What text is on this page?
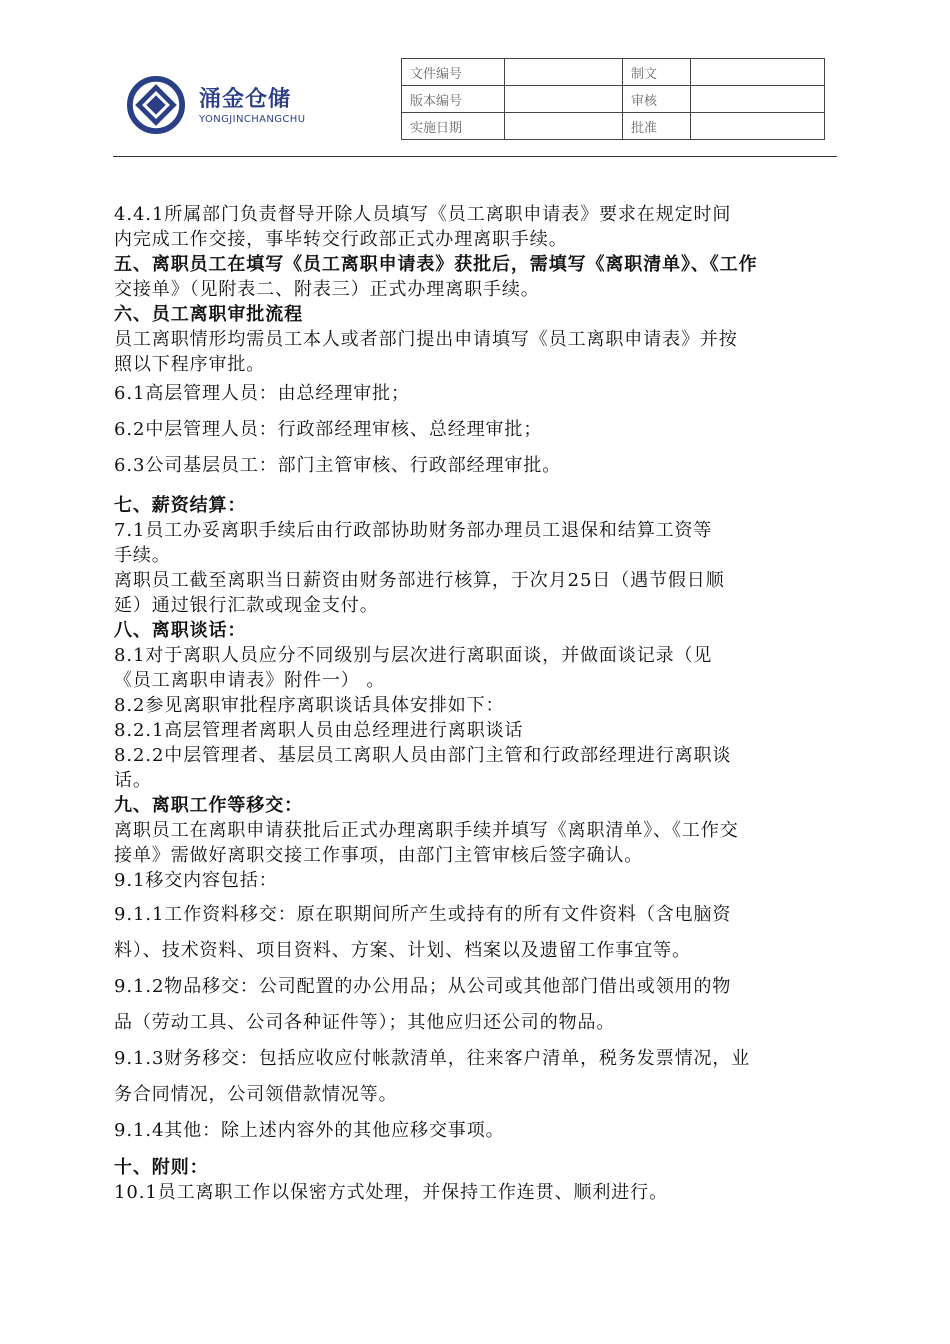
涌金仓储
YONGJINCHANGCHU
文件编号		制文	
版本编号		审核	
实施日期		批准	
4.4.1所属部门负责督导开除人员填写《员工离职申请表》要求在规定时间
内完成工作交接，事毕转交行政部正式办理离职手续。
五、离职员工在填写《员工离职申请表》获批后，需填写《离职清单》、《工作
交接单》（见附表二、附表三）正式办理离职手续。
六、员工离职审批流程
员工离职情形均需员工本人或者部门提出申请填写《员工离职申请表》并按
照以下程序审批。
6.1高层管理人员：由总经理审批；
6.2中层管理人员：行政部经理审核、总经理审批；
6.3公司基层员工：部门主管审核、行政部经理审批。
七、薪资结算：
7.1员工办妥离职手续后由行政部协助财务部办理员工退保和结算工资等
手续。
离职员工截至离职当日薪资由财务部进行核算，于次月25日（遇节假日顺
延）通过银行汇款或现金支付。
八、离职谈话：
8.1对于离职人员应分不同级别与层次进行离职面谈，并做面谈记录（见
《员工离职申请表》附件一） 。
8.2参见离职审批程序离职谈话具体安排如下：
8.2.1高层管理者离职人员由总经理进行离职谈话
8.2.2中层管理者、基层员工离职人员由部门主管和行政部经理进行离职谈
话。
九、离职工作等移交：
离职员工在离职申请获批后正式办理离职手续并填写《离职清单》、《工作交
接单》需做好离职交接工作事项，由部门主管审核后签字确认。
9.1移交内容包括：
9.1.1工作资料移交：原在职期间所产生或持有的所有文件资料（含电脑资
料）、技术资料、项目资料、方案、计划、档案以及遗留工作事宜等。
9.1.2物品移交：公司配置的办公用品；从公司或其他部门借出或领用的物
品（劳动工具、公司各种证件等）；其他应归还公司的物品。
9.1.3财务移交：包括应收应付帐款清单，往来客户清单，税务发票情况，业
务合同情况，公司领借款情况等。
9.1.4其他：除上述内容外的其他应移交事项。
十、附则：
10.1员工离职工作以保密方式处理，并保持工作连贯、顺利进行。
